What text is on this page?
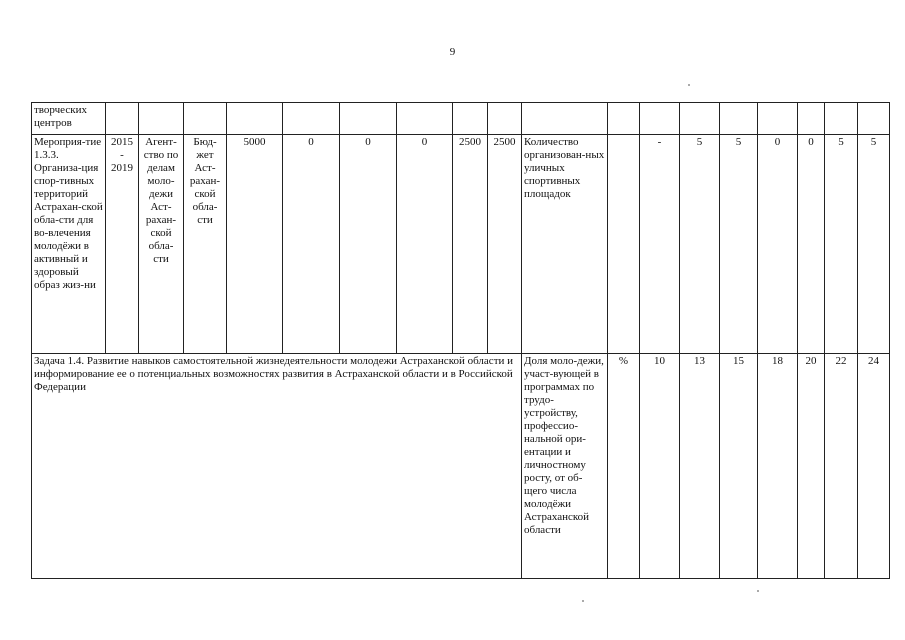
9
творческих центров																		
Мероприя-тие 1.3.3. Организа-ция спор-тивных территорий Астрахан-ской обла-сти для во-влечения молодёжи в активный и здоровый образ жиз-ни	2015 - 2019	Агент-ство по делам моло-дежи Аст-рахан-ской обла-сти	Бюд-жет Аст-рахан-ской обла-сти	5000	0	0	0	2500	2500	Количество организован-ных уличных спортивных площадок		-	5	5	0	0	5	5
Задача 1.4. Развитие навыков самостоятельной жизнедеятельности молодежи Астраханской области и информирование ее о потенциальных возможностях развития в Астраханской области и в Российской Федерации										Доля моло-дежи, участ-вующей в программах по трудо-устройству, профессио-нальной ори-ентации и личностному росту, от об-щего числа молодёжи Астраханской области	%	10	13	15	18	20	22	24
